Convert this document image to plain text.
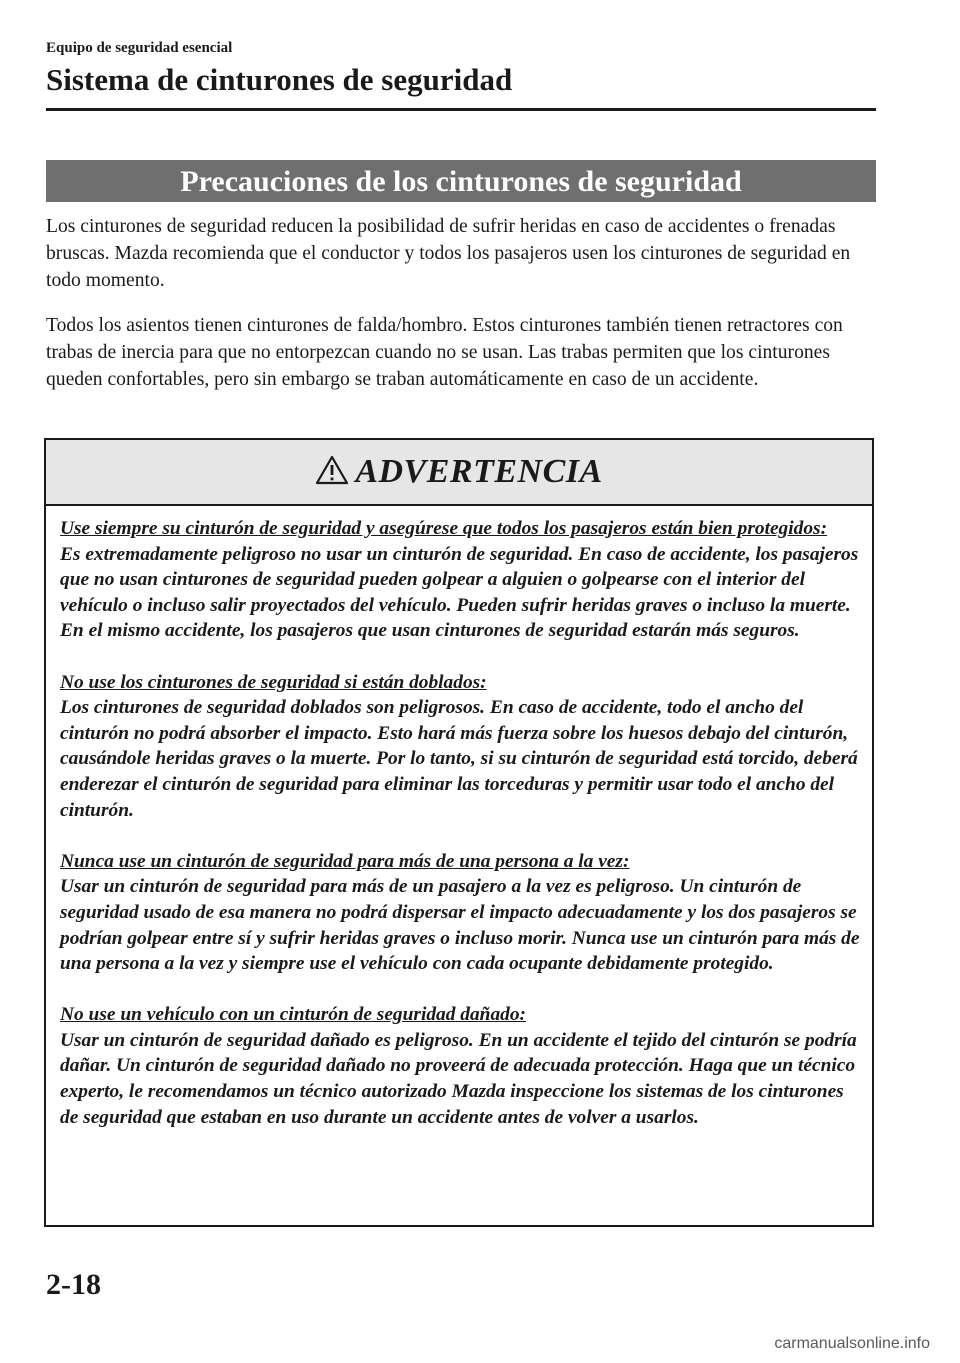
Equipo de seguridad esencial
Sistema de cinturones de seguridad
Precauciones de los cinturones de seguridad

Los cinturones de seguridad reducen la posibilidad de sufrir heridas en caso de accidentes o frenadas bruscas. Mazda recomienda que el conductor y todos los pasajeros usen los cinturones de seguridad en todo momento.

Todos los asientos tienen cinturones de falda/hombro. Estos cinturones también tienen retractores con trabas de inercia para que no entorpezcan cuando no se usan. Las trabas permiten que los cinturones queden confortables, pero sin embargo se traban automáticamente en caso de un accidente.

ADVERTENCIA
Use siempre su cinturón de seguridad y asegúrese que todos los pasajeros están bien protegidos:
Es extremadamente peligroso no usar un cinturón de seguridad. En caso de accidente, los pasajeros que no usan cinturones de seguridad pueden golpear a alguien o golpearse con el interior del vehículo o incluso salir proyectados del vehículo. Pueden sufrir heridas graves o incluso la muerte. En el mismo accidente, los pasajeros que usan cinturones de seguridad estarán más seguros.
No use los cinturones de seguridad si están doblados:
Los cinturones de seguridad doblados son peligrosos. En caso de accidente, todo el ancho del cinturón no podrá absorber el impacto. Esto hará más fuerza sobre los huesos debajo del cinturón, causándole heridas graves o la muerte. Por lo tanto, si su cinturón de seguridad está torcido, deberá enderezar el cinturón de seguridad para eliminar las torceduras y permitir usar todo el ancho del cinturón.
Nunca use un cinturón de seguridad para más de una persona a la vez:
Usar un cinturón de seguridad para más de un pasajero a la vez es peligroso. Un cinturón de seguridad usado de esa manera no podrá dispersar el impacto adecuadamente y los dos pasajeros se podrían golpear entre sí y sufrir heridas graves o incluso morir. Nunca use un cinturón para más de una persona a la vez y siempre use el vehículo con cada ocupante debidamente protegido.
No use un vehículo con un cinturón de seguridad dañado:
Usar un cinturón de seguridad dañado es peligroso. En un accidente el tejido del cinturón se podría dañar. Un cinturón de seguridad dañado no proveerá de adecuada protección. Haga que un técnico experto, le recomendamos un técnico autorizado Mazda inspeccione los sistemas de los cinturones de seguridad que estaban en uso durante un accidente antes de volver a usarlos.
2-18
carmanualsonline.info
